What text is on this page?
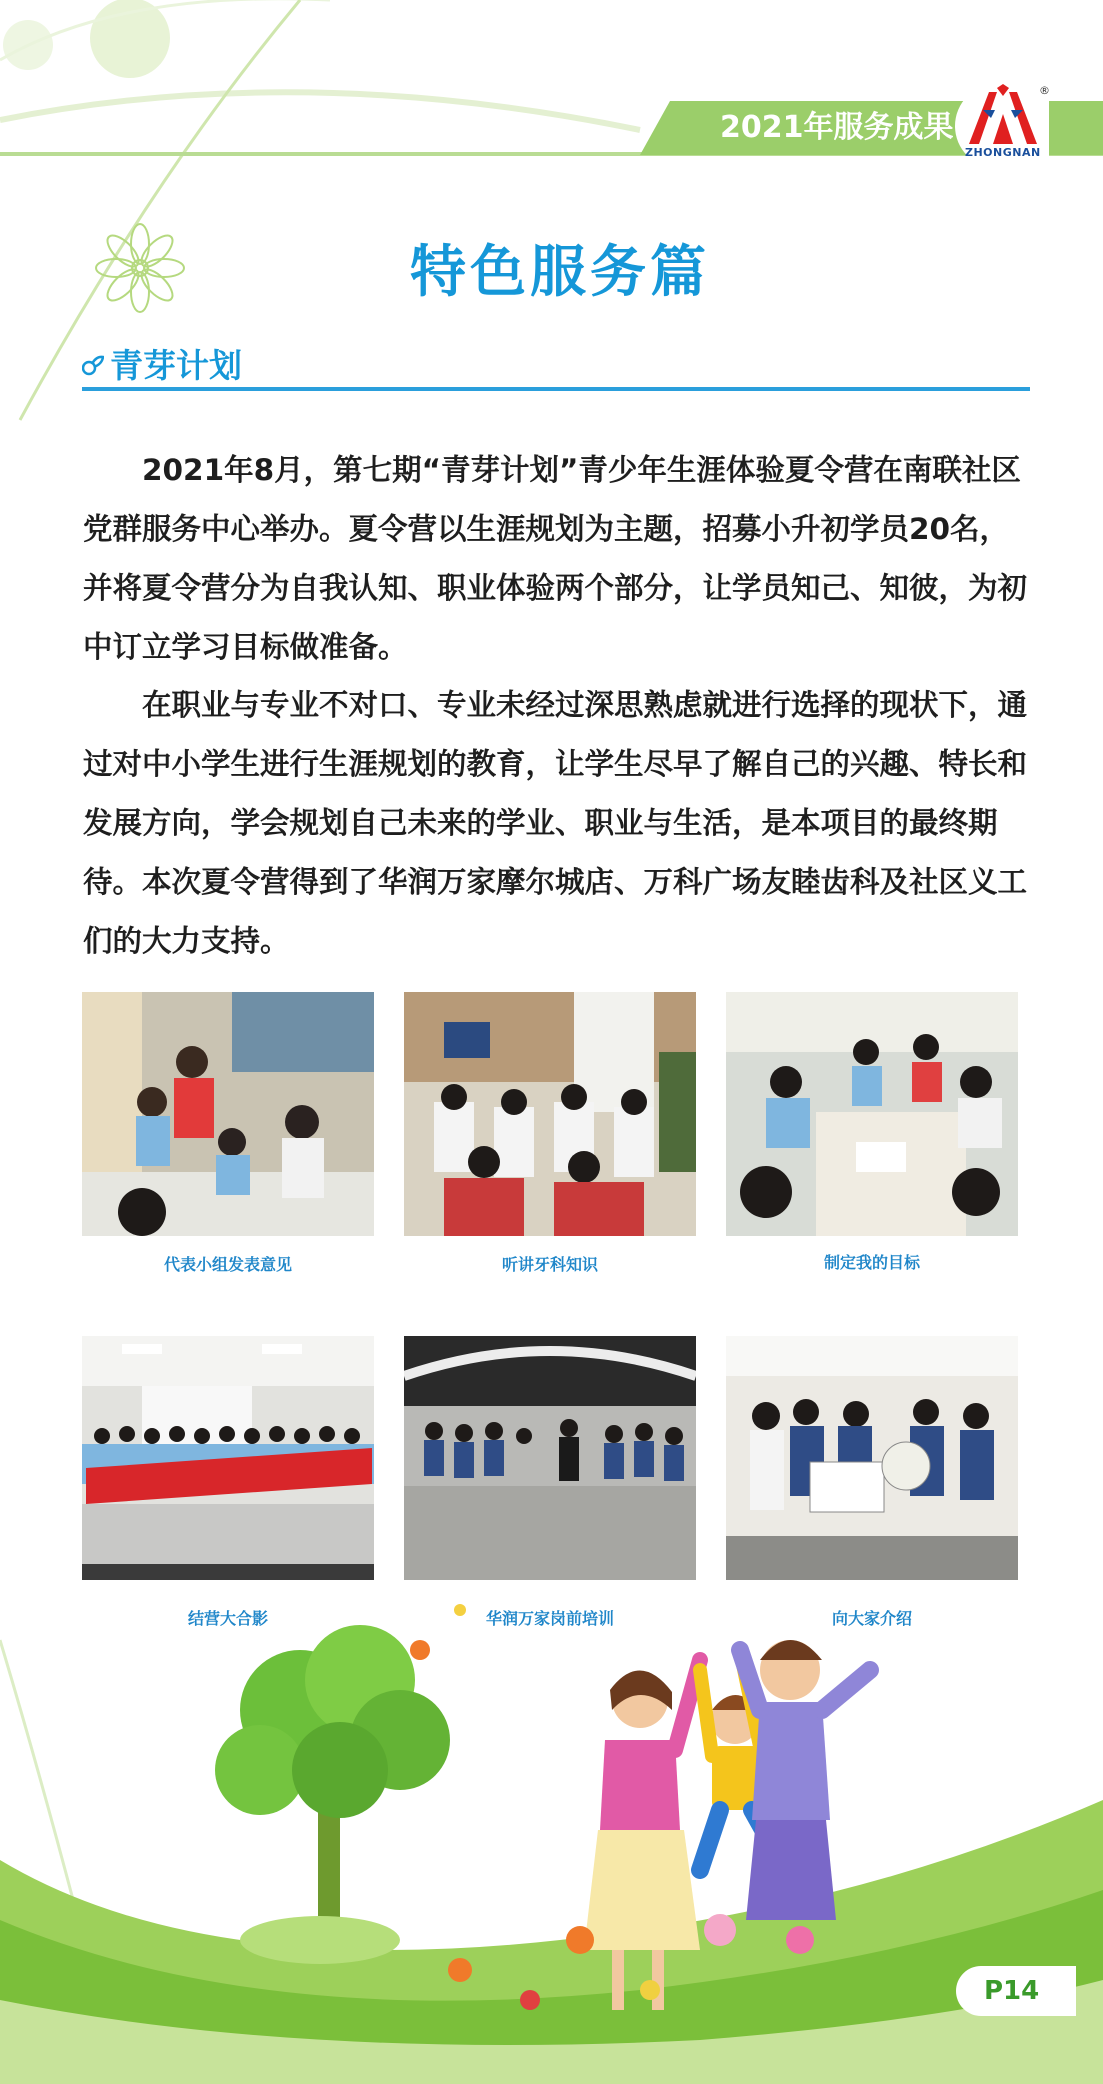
2021年服务成果
®
ZHONGNAN
特色服务篇
青芽计划

2021年8月，第七期“青芽计划”青少年生涯体验夏令营在南联社区党群服务中心举办。夏令营以生涯规划为主题，招募小升初学员20名，并将夏令营分为自我认知、职业体验两个部分，让学员知己、知彼，为初中订立学习目标做准备。

在职业与专业不对口、专业未经过深思熟虑就进行选择的现状下，通过对中小学生进行生涯规划的教育，让学生尽早了解自己的兴趣、特长和发展方向，学会规划自己未来的学业、职业与生活，是本项目的最终期待。本次夏令营得到了华润万家摩尔城店、万科广场友睦齿科及社区义工们的大力支持。

代表小组发表意见	听讲牙科知识	制定我的目标
结营大合影	华润万家岗前培训	向大家介绍
P14
